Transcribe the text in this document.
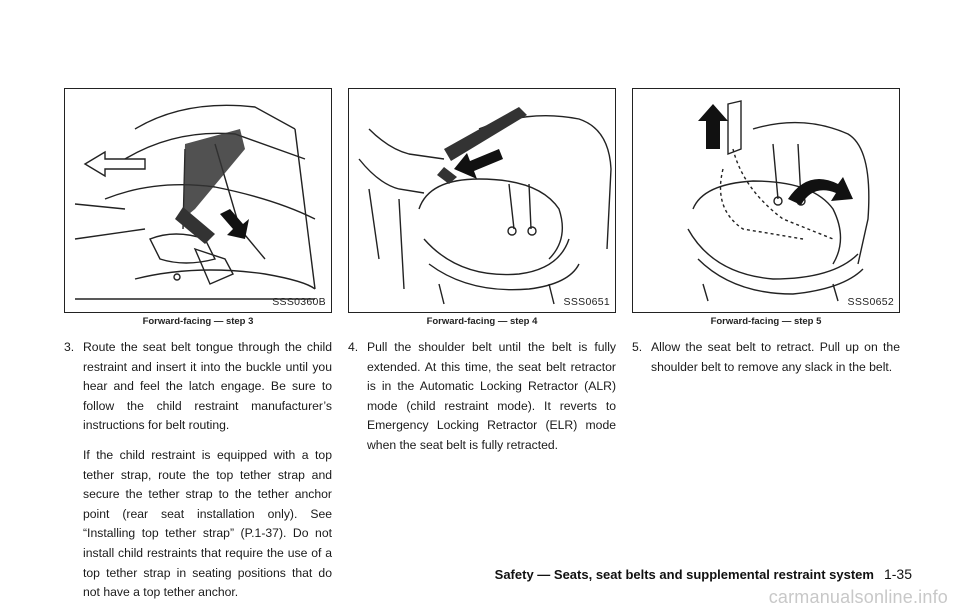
SSS0360B
Forward-facing — step 3
3. Route the seat belt tongue through the child restraint and insert it into the buckle until you hear and feel the latch engage. Be sure to follow the child restraint manufacturer’s instructions for belt routing.
If the child restraint is equipped with a top tether strap, route the top tether strap and secure the tether strap to the tether anchor point (rear seat installation only). See “Installing top tether strap” (P.1-37). Do not install child restraints that require the use of a top tether strap in seating positions that do not have a top tether anchor.
SSS0651
Forward-facing — step 4
4. Pull the shoulder belt until the belt is fully extended. At this time, the seat belt retractor is in the Automatic Locking Retractor (ALR) mode (child restraint mode). It reverts to Emergency Locking Retractor (ELR) mode when the seat belt is fully retracted.
SSS0652
Forward-facing — step 5
5. Allow the seat belt to retract. Pull up on the shoulder belt to remove any slack in the belt.
Safety — Seats, seat belts and supplemental restraint system 1-35
carmanualsonline.info
